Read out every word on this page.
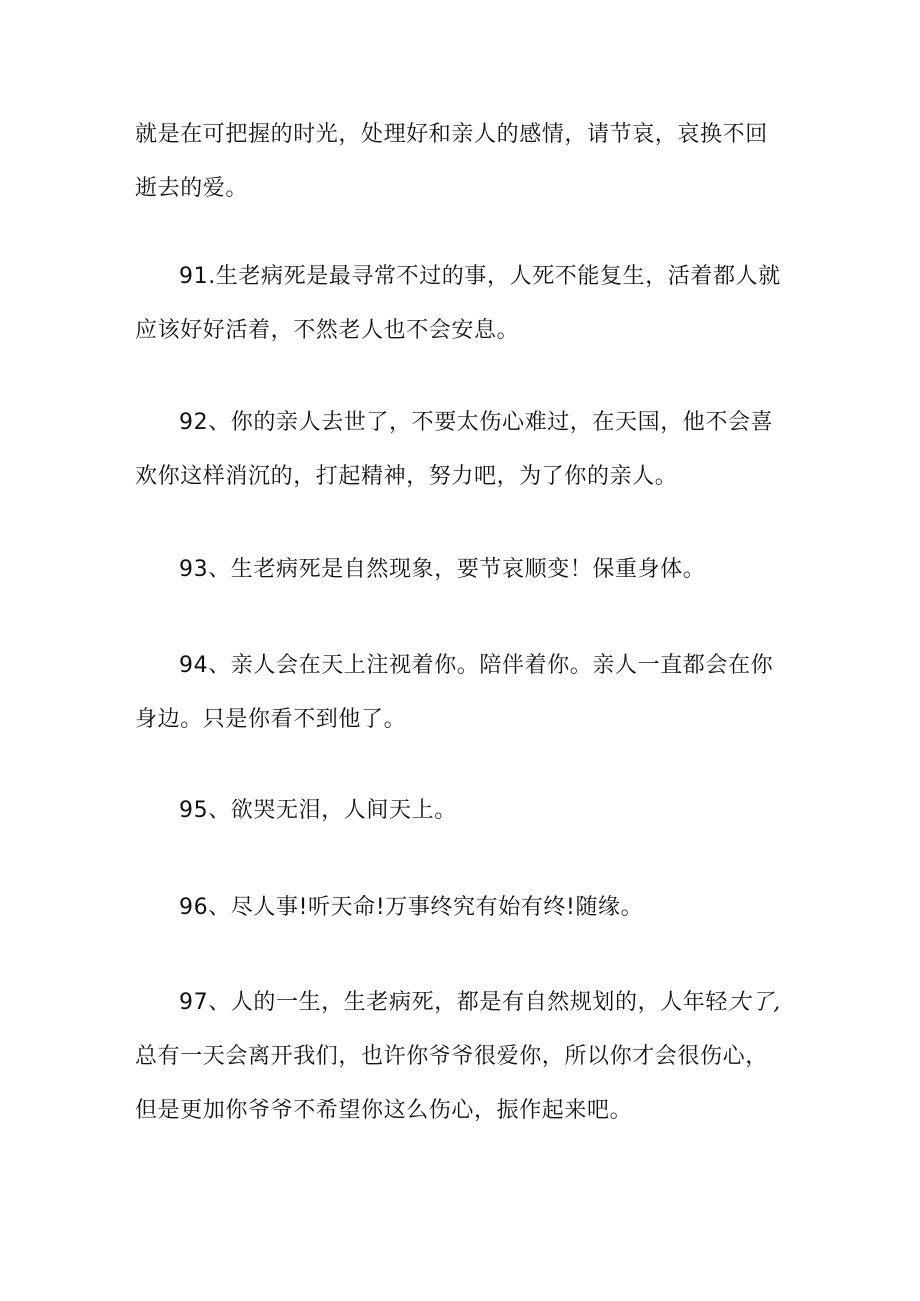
就是在可把握的时光，处理好和亲人的感情，请节哀，哀换不回
逝去的爱。

91.生老病死是最寻常不过的事，人死不能复生，活着都人就
应该好好活着，不然老人也不会安息。

92、你的亲人去世了，不要太伤心难过，在天国，他不会喜
欢你这样消沉的，打起精神，努力吧，为了你的亲人。

93、生老病死是自然现象，要节哀顺变！保重身体。

94、亲人会在天上注视着你。陪伴着你。亲人一直都会在你
身边。只是你看不到他了。

95、欲哭无泪，人间天上。

96、尽人事!听天命!万事终究有始有终!随缘。

97、人的一生，生老病死，都是有自然规划的，人年轻大了,
总有一天会离开我们，也许你爷爷很爱你，所以你才会很伤心，
但是更加你爷爷不希望你这么伤心，振作起来吧。
